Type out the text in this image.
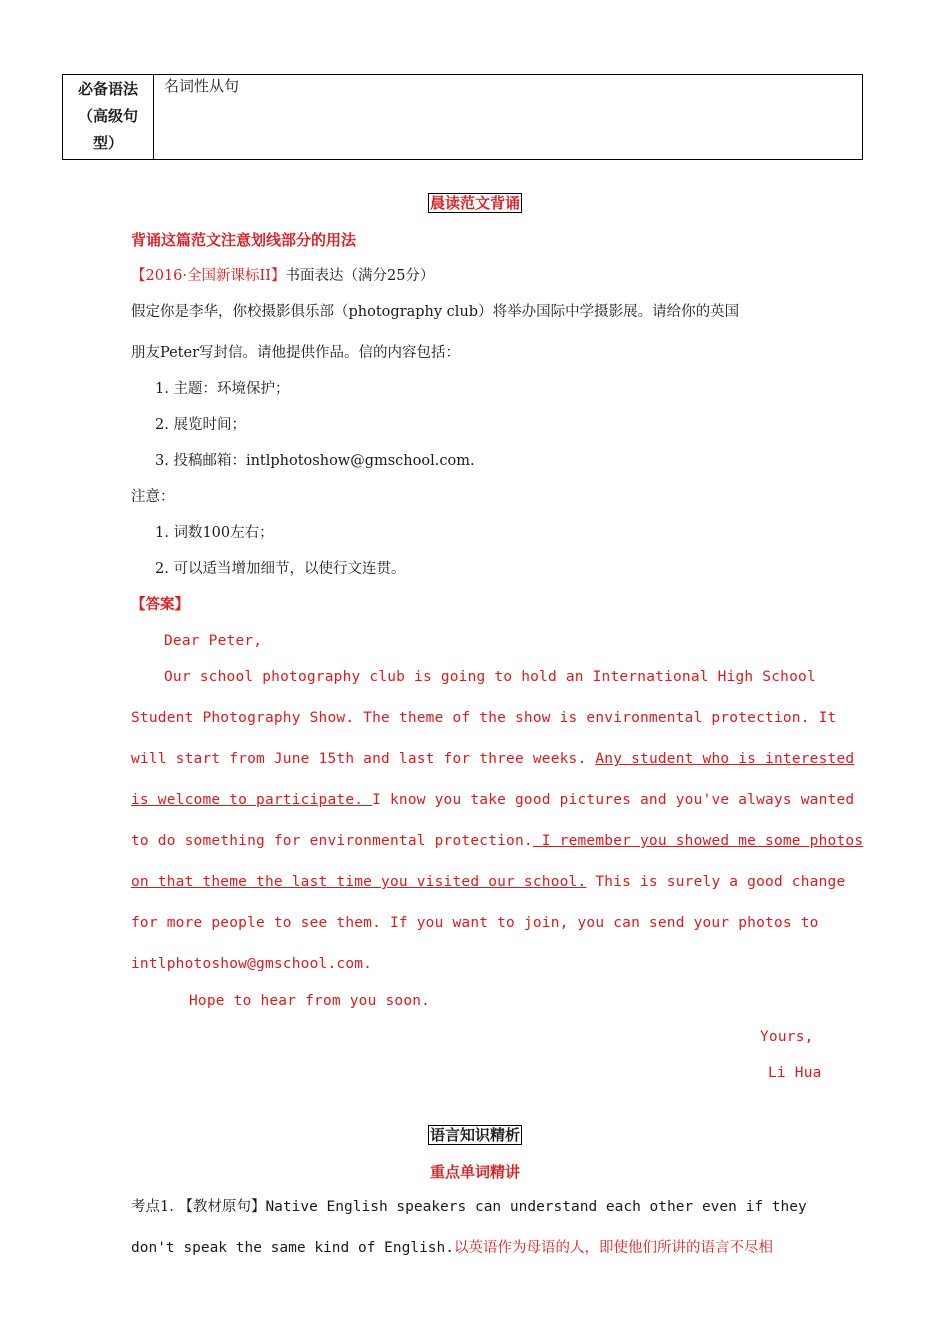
必备语法
（高级句
型）
名词性从句
晨读范文背诵
背诵这篇范文注意划线部分的用法
【2016·全国新课标II】书面表达（满分25分）
假定你是李华，你校摄影俱乐部（photography club）将举办国际中学摄影展。请给你的英国
朋友Peter写封信。请他提供作品。信的内容包括：
1. 主题：环境保护；
2. 展览时间；
3. 投稿邮箱：intlphotoshow@gmschool.com.
注意：
1. 词数100左右；
2. 可以适当增加细节，以使行文连贯。
【答案】
Dear Peter,
Our school photography club is going to hold an International High School
Student Photography Show. The theme of the show is environmental protection. It
will start from June 15th and last for three weeks. Any student who is interested
is welcome to participate. I know you take good pictures and you've always wanted
to do something for environmental protection. I remember you showed me some photos
on that theme the last time you visited our school. This is surely a good change
for more people to see them. If you want to join, you can send your photos to
intlphotoshow@gmschool.com.
Hope to hear from you soon.
Yours,
Li Hua
语言知识精析
重点单词精讲
考点1. 【教材原句】Native English speakers can understand each other even if they
don't speak the same kind of English.以英语作为母语的人，即使他们所讲的语言不尽相
